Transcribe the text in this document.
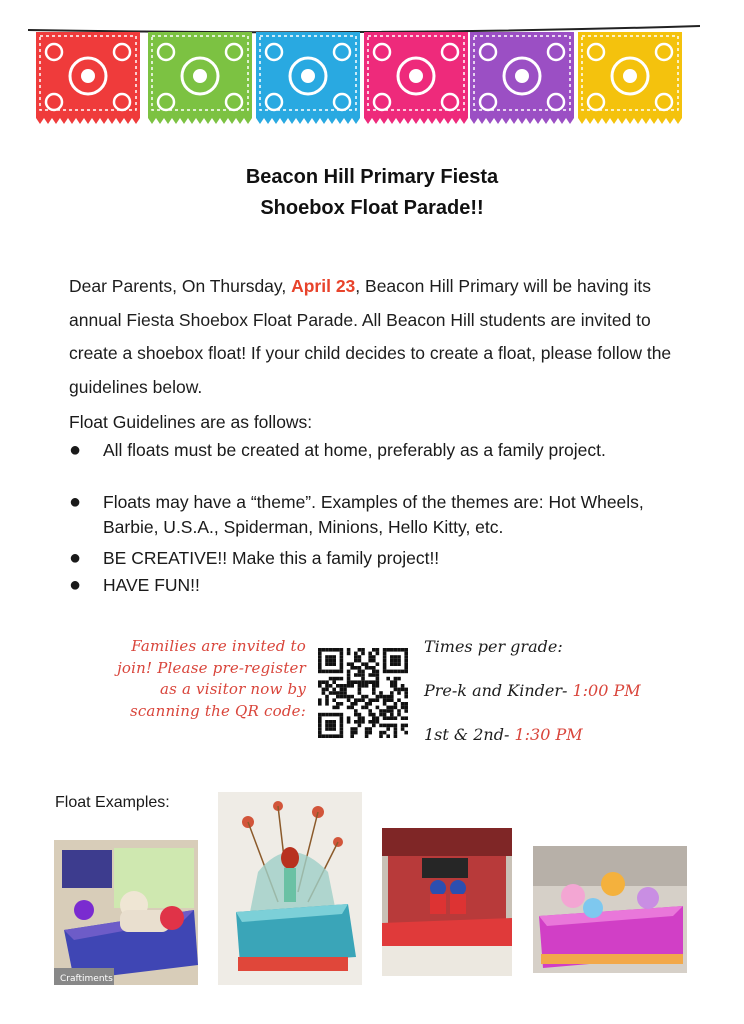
Beacon Hill Primary Fiesta
Shoebox Float Parade!!
Dear Parents, On Thursday, April 23, Beacon Hill Primary will be having its annual Fiesta Shoebox Float Parade. All Beacon Hill students are invited to create a shoebox float! If your child decides to create a float, please follow the guidelines below.
Float Guidelines are as follows:
● All floats must be created at home, preferably as a family project.
● Floats may have a “theme”. Examples of the themes are: Hot Wheels, Barbie, U.S.A., Spiderman, Minions, Hello Kitty, etc.
● BE CREATIVE!! Make this a family project!!
● HAVE FUN!!
Families are invited to join! Please pre-register as a visitor now by scanning the QR code:
Times per grade:
Pre-k and Kinder- 1:00 PM
1st & 2nd- 1:30 PM
Float Examples:
Craftiments
